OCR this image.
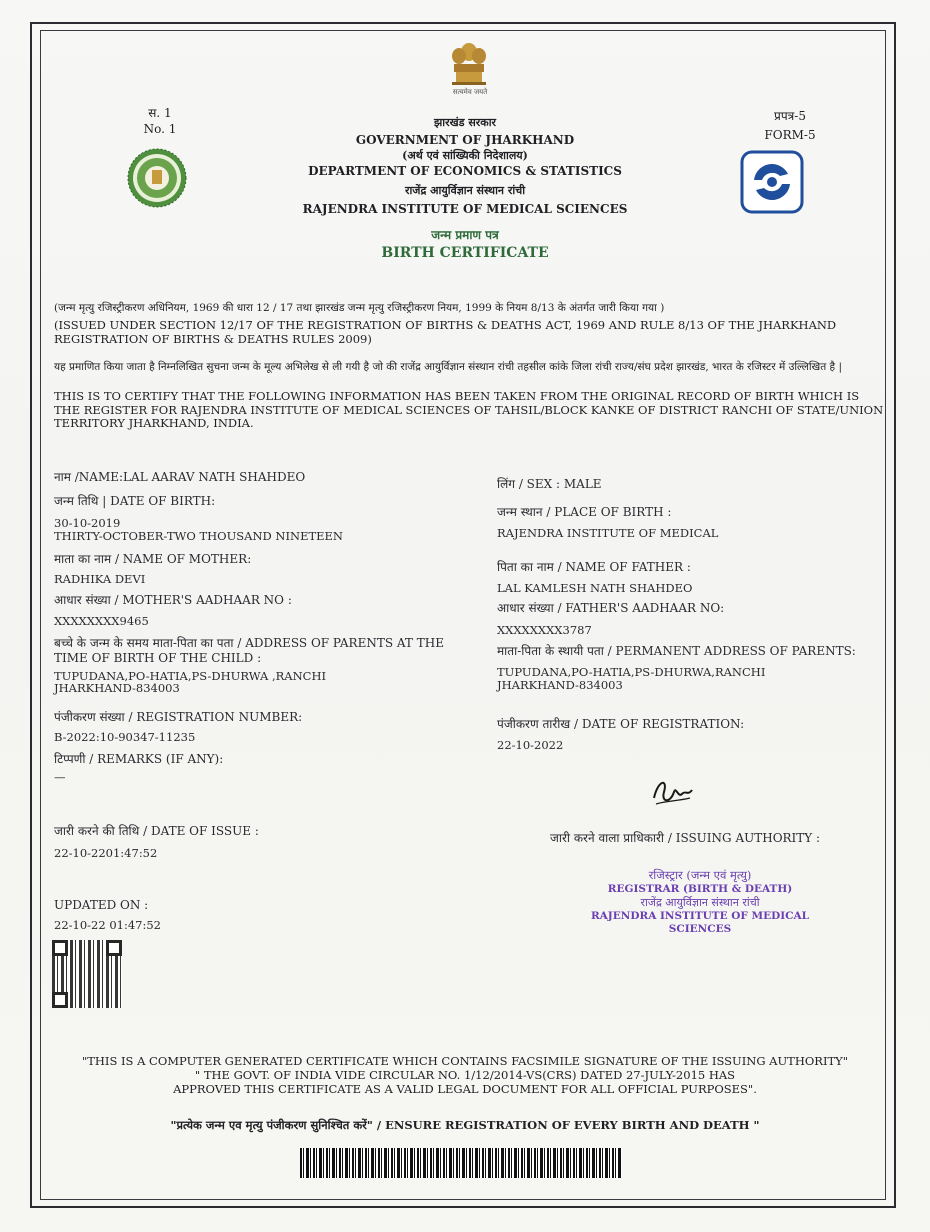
सत्यमेव जयते
स. 1
No. 1	झारखंड सरकार
GOVERNMENT OF JHARKHAND
(अर्थ एवं सांख्यिकी निदेशालय)
DEPARTMENT OF ECONOMICS & STATISTICS
राजेंद्र आयुर्विज्ञान संस्थान रांची
RAJENDRA INSTITUTE OF MEDICAL SCIENCES
जन्म प्रमाण पत्र
BIRTH CERTIFICATE
प्रपत्र-5
FORM-5
(जन्म मृत्यु रजिस्ट्रीकरण अधिनियम, 1969 की धारा 12 / 17 तथा झारखंड जन्म मृत्यु रजिस्ट्रीकरण नियम, 1999 के नियम 8/13 के अंतर्गत जारी किया गया )
(ISSUED UNDER SECTION 12/17 OF THE REGISTRATION OF BIRTHS & DEATHS ACT, 1969 AND RULE 8/13 OF THE JHARKHAND REGISTRATION OF BIRTHS & DEATHS RULES 2009)
यह प्रमाणित किया जाता है निम्नलिखित सुचना जन्म के मूल्य अभिलेख से ली गयी है जो की राजेंद्र आयुर्विज्ञान संस्थान रांची तहसील कांके जिला रांची राज्य/संघ प्रदेश झारखंड, भारत के रजिस्टर में उल्लिखित है |
THIS IS TO CERTIFY THAT THE FOLLOWING INFORMATION HAS BEEN TAKEN FROM THE ORIGINAL RECORD OF BIRTH WHICH IS THE REGISTER FOR RAJENDRA INSTITUTE OF MEDICAL SCIENCES OF TAHSIL/BLOCK KANKE OF DISTRICT RANCHI OF STATE/UNION TERRITORY JHARKHAND, INDIA.
नाम /NAME:LAL AARAV NATH SHAHDEO
जन्म तिथि | DATE OF BIRTH:
30-10-2019
THIRTY-OCTOBER-TWO THOUSAND NINETEEN
माता का नाम / NAME OF MOTHER:
RADHIKA DEVI
आधार संख्या / MOTHER'S AADHAAR NO :
XXXXXXXX9465
बच्चे के जन्म के समय माता-पिता का पता / ADDRESS OF PARENTS AT THE TIME OF BIRTH OF THE CHILD :
TUPUDANA,PO-HATIA,PS-DHURWA ,RANCHI
JHARKHAND-834003
पंजीकरण संख्या / REGISTRATION NUMBER:
B-2022:10-90347-11235
टिप्पणी / REMARKS (IF ANY):
—
जारी करने की तिथि / DATE OF ISSUE :
22-10-2201:47:52
UPDATED ON :
22-10-22 01:47:52
लिंग / SEX : MALE
जन्म स्थान / PLACE OF BIRTH :
RAJENDRA INSTITUTE OF MEDICAL
पिता का नाम / NAME OF FATHER :
LAL KAMLESH NATH SHAHDEO
आधार संख्या / FATHER'S AADHAAR NO:
XXXXXXXX3787
माता-पिता के स्थायी पता / PERMANENT ADDRESS OF PARENTS:
TUPUDANA,PO-HATIA,PS-DHURWA,RANCHI
JHARKHAND-834003
पंजीकरण तारीख / DATE OF REGISTRATION:
22-10-2022
जारी करने वाला प्राधिकारी / ISSUING AUTHORITY :
रजिस्ट्रार (जन्म एवं मृत्यु)
REGISTRAR (BIRTH & DEATH)
राजेंद्र आयुर्विज्ञान संस्थान रांची
RAJENDRA INSTITUTE OF MEDICAL SCIENCES
"THIS IS A COMPUTER GENERATED CERTIFICATE WHICH CONTAINS FACSIMILE SIGNATURE OF THE ISSUING AUTHORITY"
" THE GOVT. OF INDIA VIDE CIRCULAR NO. 1/12/2014-VS(CRS) DATED 27-JULY-2015 HAS
APPROVED THIS CERTIFICATE AS A VALID LEGAL DOCUMENT FOR ALL OFFICIAL PURPOSES".
"प्रत्येक जन्म एव मृत्यु पंजीकरण सुनिश्चित करें" / ENSURE REGISTRATION OF EVERY BIRTH AND DEATH "
